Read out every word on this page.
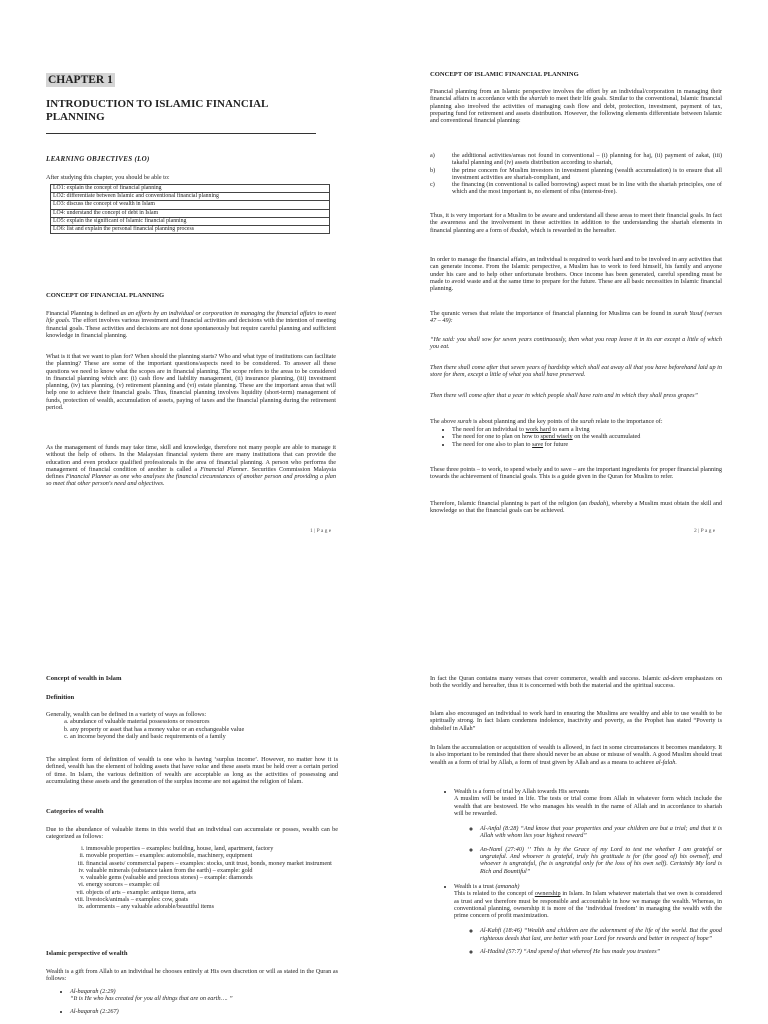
CHAPTER 1
INTRODUCTION TO ISLAMIC FINANCIAL PLANNING
LEARNING OBJECTIVES (LO)
After studying this chapter, you should be able to:
LO1: explain the concept of financial planning
LO2: differentiate between Islamic and conventional financial planning
LO3: discuss the concept of wealth in Islam
LO4: understand the concept of debt in Islam
LO5: explain the significant of Islamic financial planning
LO6: list and explain the personal financial planning process
CONCEPT OF FINANCIAL PLANNING
Financial Planning is defined as an efforts by an individual or corporation in managing the financial affairs to meet life goals. The effort involves various investment and financial activities and decisions with the intention of meeting financial goals. These activities and decisions are not done spontaneously but require careful planning and sufficient knowledge in financial planning.
What is it that we want to plan for? When should the planning starts? Who and what type of institutions can facilitate the planning? These are some of the important questions/aspects need to be considered. To answer all these questions we need to know what the scopes are in financial planning. The scope refers to the areas to be considered in financial planning which are: (i) cash flow and liability management, (ii) insurance planning, (iii) investment planning, (iv) tax planning, (v) retirement planning and (vi) estate planning. These are the important areas that will help one to achieve their financial goals. Thus, financial planning involves liquidity (short-term) management of funds, protection of wealth, accumulation of assets, paying of taxes and the financial planning during the retirement period.
As the management of funds may take time, skill and knowledge, therefore not many people are able to manage it without the help of others. In the Malaysian financial system there are many institutions that can provide the education and even produce qualified professionals in the area of financial planning. A person who performs the management of financial condition of another is called a Financial Planner. Securities Commission Malaysia defines Financial Planner as one who analyses the financial circumstances of another person and providing a plan so meet that other person's need and objectives.
1 | P a g e
CONCEPT OF ISLAMIC FINANCIAL PLANNING
Financial planning from an Islamic perspective involves the effort by an individual/corporation in managing their financial affairs in accordance with the shariah to meet their life goals. Similar to the conventional, Islamic financial planning also involved the activities of managing cash flow and debt, protection, investment, payment of tax, preparing fund for retirement and assets distribution. However, the following elements differentiate between Islamic and conventional financial planning:
a)	the additional activities/areas not found in conventional – (i) planning for haj, (ii) payment of zakat, (iii) takaful planning and (iv) assets distribution according to shariah,
b)	the prime concern for Muslim investors in investment planning (wealth accumulation) is to ensure that all investment activities are shariah-compliant, and
c)	the financing (in conventional is called borrowing) aspect must be in line with the shariah principles, one of which and the most important is, no element of riba (interest-free).
Thus, it is very important for a Muslim to be aware and understand all these areas to meet their financial goals. In fact the awareness and the involvement in these activities in addition to the understanding the shariah elements in financial planning are a form of ibadah, which is rewarded in the hereafter.
In order to manage the financial affairs, an individual is required to work hard and to be involved in any activities that can generate income. From the Islamic perspective, a Muslim has to work to feed himself, his family and anyone under his care and to help other unfortunate brothers. Once income has been generated, careful spending must be made to avoid waste and at the same time to prepare for the future. These are all basic necessities in Islamic financial planning.
The quranic verses that relate the importance of financial planning for Muslims can be found in surah Yusuf (verses 47 – 49):
“He said: you shall sow for seven years continuously, then what you reap leave it in its ear except a little of which you eat.
Then there shall come after that seven years of hardship which shall eat away all that you have beforehand laid up in store for them, except a little of what you shall have preserved.
Then there will come after that a year in which people shall have rain and in which they shall press grapes”
The above surah is about planning and the key points of the surah relate to the importance of:
• The need for an individual to work hard to earn a living
• The need for one to plan on how to spend wisely on the wealth accumulated
• The need for one also to plan to save for future
These three points – to work, to spend wisely and to save – are the important ingredients for proper financial planning towards the achievement of financial goals. This is a guide given in the Quran for Muslim to refer.
Therefore, Islamic financial planning is part of the religion (an ibadah), whereby a Muslim must obtain the skill and knowledge so that the financial goals can be achieved.
2 | P a g e
Concept of wealth in Islam
Definition
Generally, wealth can be defined in a variety of ways as follows:
a. abundance of valuable material possessions or resources
b. any property or asset that has a money value or an exchangeable value
c. an income beyond the daily and basic requirements of a family
The simplest form of definition of wealth is one who is having ‘surplus income’. However, no matter how it is defined, wealth has the element of holding assets that have value and these assets must be held over a certain period of time. In Islam, the various definition of wealth are acceptable as long as the activities of possessing and accumulating these assets and the generation of the surplus income are not against the religion of Islam.
Categories of wealth
Due to the abundance of valuable items in this world that an individual can accumulate or posses, wealth can be categorized as follows:
i. immovable properties – examples: building, house, land, apartment, factory
ii. movable properties – examples: automobile, machinery, equipment
iii. financial assets/ commercial papers – examples: stocks, unit trust, bonds, money market instrument
iv. valuable minerals (substance taken from the earth) – example: gold
v. valuable gems (valuable and precious stones) – example: diamonds
vi. energy sources – example: oil
vii. objects of arts – example: antique items, arts
viii. livestock/animals – examples: cow, goats
ix. adornments – any valuable adorable/beautiful items
Islamic perspective of wealth
Wealth is a gift from Allah to an individual he chooses entirely at His own discretion or will as stated in the Quran as follows:
• Al-baqarah (2:29)
“It is He who has created for you all things that are on earth…. ”
• Al-baqarah (2:267)
In fact the Quran contains many verses that cover commerce, wealth and success. Islamic ad-deen emphasizes on both the worldly and hereafter, thus it is concerned with both the material and the spiritual success.
Islam also encouraged an individual to work hard in ensuring the Muslims are wealthy and able to use wealth to be spiritually strong. In fact Islam condemns indolence, inactivity and poverty, as the Prophet has stated “Poverty is disbelief in Allah”
In Islam the accumulation or acquisition of wealth is allowed, in fact in some circumstances it becomes mandatory. It is also important to be reminded that there should never be an abuse or misuse of wealth. A good Muslim should treat wealth as a form of trial by Allah, a form of trust given by Allah and as a means to achieve al-falah.
• Wealth is a form of trial by Allah towards His servants
A muslim will be tested in life. The tests or trial come from Allah in whatever form which include the wealth that are bestowed. He who manages his wealth in the name of Allah and in accordance to shariah will be rewarded.
◦ Al-Anfal (8:28) “And know that your properties and your children are but a trial; and that it is Allah with whom lies your highest reward”
◦ An-Naml (27:40) ‘’ This is by the Grace of my Lord to test me whether I am grateful or ungrateful. And whoever is grateful, truly his gratitude is for (the good of) his ownself, and whoever is ungrateful, (he is ungrateful only for the loss of his own self). Certainly My lord is Rich and Bountiful”
• Wealth is a trust (amanah)
This is related to the concept of ownership in Islam. In Islam whatever materials that we own is considered as trust and we therefore must be responsible and accountable in how we manage the wealth. Whereas, in conventional planning, ownership it is more of the ‘individual freedom’ in managing the wealth with the prime concern of profit maximization.
◦ Al-Kahfi (18:46) “Wealth and children are the adornment of the life of the world. But the good righteous deeds that last, are better with your Lord for rewards and better in respect of hope”
◦ Al-Hadiid (57:7) “And spend of that whereof He has made you trustees”
